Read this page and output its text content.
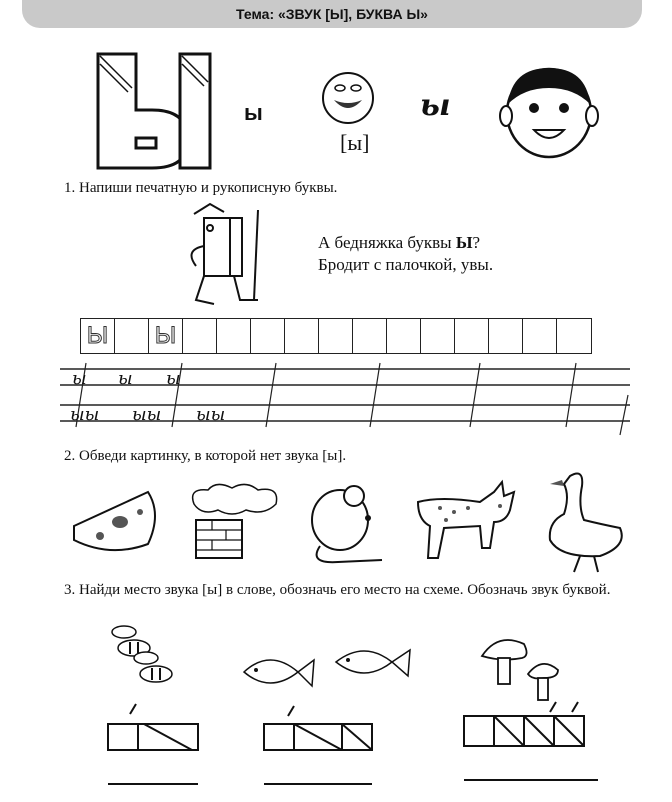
Тема: «ЗВУК [Ы], БУКВА Ы»
ы	ы
[ы]
1. Напиши печатную и рукописную буквы.
А бедняжка буквы Ы?
Бродит с палочкой, увы.
Ы Ы
ы ы ы
ыы ыы ыы
2. Обведи картинку, в которой нет звука [ы].
3. Найди место звука [ы] в слове, обозначь его место на схеме. Обозначь звук буквой.
